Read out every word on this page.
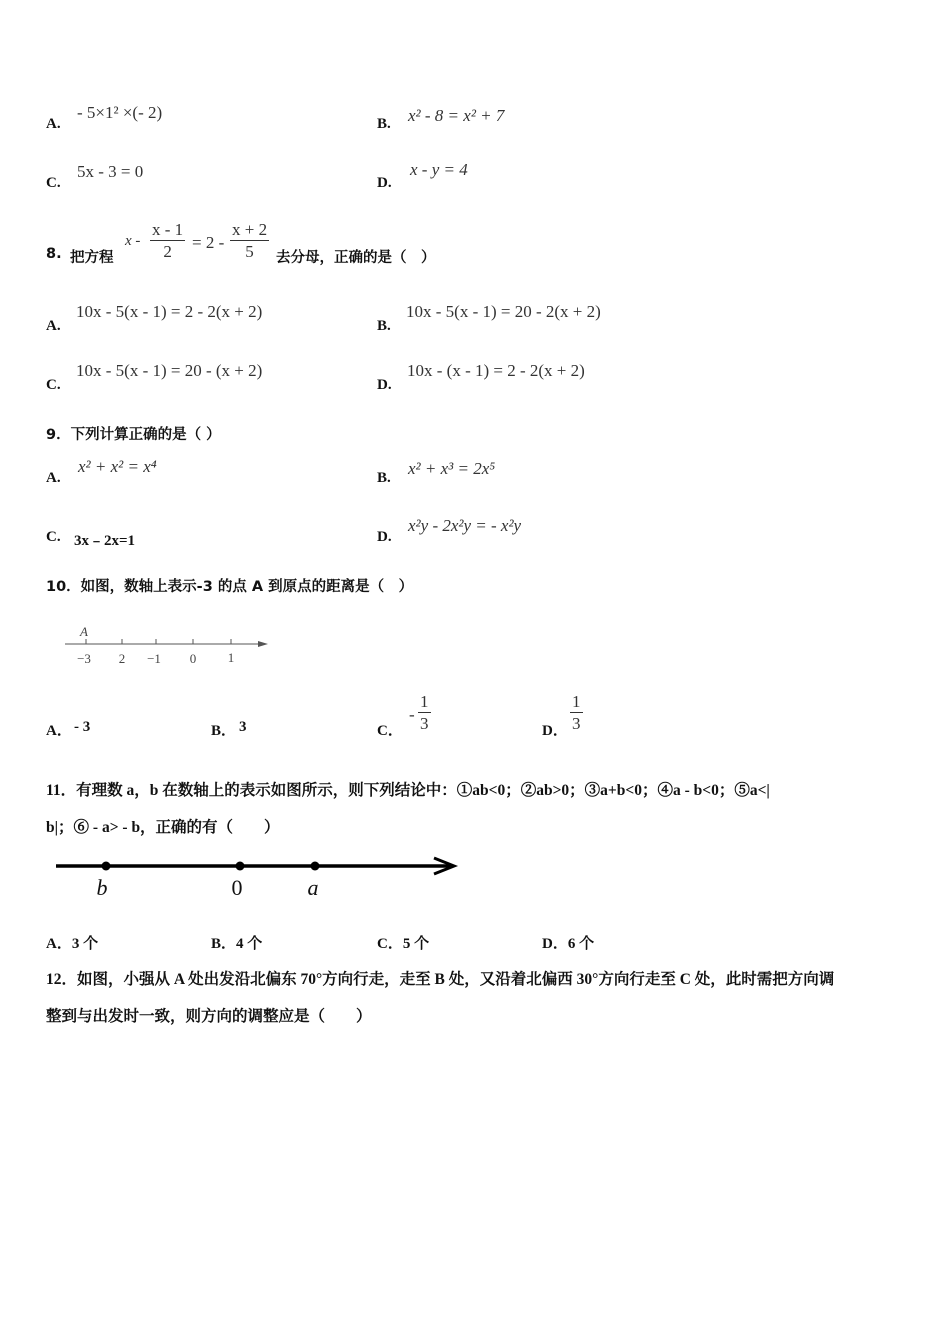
A.
- 5×1² ×(- 2)
B. x² - 8 = x² + 7
C.
5x - 3 = 0
D.
x - y = 4
8. 把方程
$x - \frac{x - 1}{2} = 2 - \frac{x + 2}{5}$ 去分母，正确的是（　）
A.
10x - 5(x - 1) = 2 - 2(x + 2)
B.
10x - 5(x - 1) = 20 - 2(x + 2)
C.
10x - 5(x - 1) = 20 - (x + 2)
D.
10x - (x - 1) = 2 - 2(x + 2)
9．下列计算正确的是（ ）
A.
x² + x² = x⁴
B. x² + x³ = 2x⁵
C. 3x﹣2x=1	D.
x²y - 2x²y = - x²y
10．如图，数轴上表示-3 的点 A 到原点的距离是（　）
A
−3 2 −1 0 1
A． - 3	B． 3	C．
- $\frac{1}{3}$	D． $\frac{1}{3}$
11．有理数 a，b 在数轴上的表示如图所示，则下列结论中：①ab<0；②ab>0；③a+b<0；④a - b<0；⑤a<|
b|；⑥ - a> - b，正确的有（　　）
b	0	a
A．3 个	B．4 个	C．5 个	D．6 个
12．如图，小强从 A 处出发沿北偏东 70°方向行走，走至 B 处，又沿着北偏西 30°方向行走至 C 处，此时需把方向调
整到与出发时一致，则方向的调整应是（　　）
